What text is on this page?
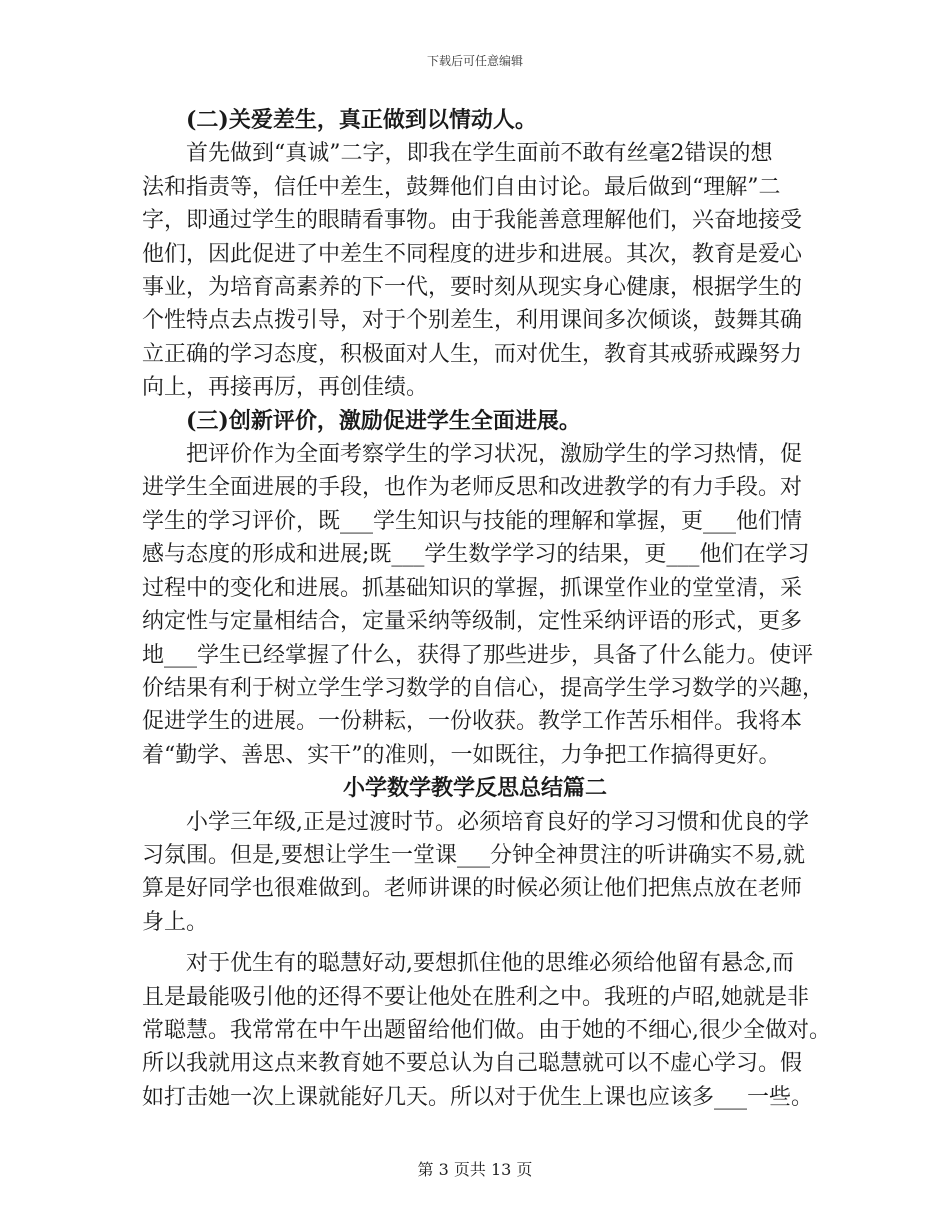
下载后可任意编辑
(二)关爱差生，真正做到以情动人。
首先做到“真诚”二字，即我在学生面前不敢有丝毫2错误的想
法和指责等，信任中差生，鼓舞他们自由讨论。最后做到“理解”二
字，即通过学生的眼睛看事物。由于我能善意理解他们，兴奋地接受
他们，因此促进了中差生不同程度的进步和进展。其次，教育是爱心
事业，为培育高素养的下一代，要时刻从现实身心健康，根据学生的
个性特点去点拨引导，对于个别差生，利用课间多次倾谈，鼓舞其确
立正确的学习态度，积极面对人生，而对优生，教育其戒骄戒躁努力
向上，再接再厉，再创佳绩。
(三)创新评价，激励促进学生全面进展。
把评价作为全面考察学生的学习状况，激励学生的学习热情，促
进学生全面进展的手段，也作为老师反思和改进教学的有力手段。对
学生的学习评价，既___学生知识与技能的理解和掌握，更___他们情
感与态度的形成和进展;既___学生数学学习的结果，更___他们在学习
过程中的变化和进展。抓基础知识的掌握，抓课堂作业的堂堂清，采
纳定性与定量相结合，定量采纳等级制，定性采纳评语的形式，更多
地___学生已经掌握了什么，获得了那些进步，具备了什么能力。使评
价结果有利于树立学生学习数学的自信心，提高学生学习数学的兴趣，
促进学生的进展。一份耕耘，一份收获。教学工作苦乐相伴。我将本
着“勤学、善思、实干”的准则，一如既往，力争把工作搞得更好。
小学数学教学反思总结篇二
小学三年级,正是过渡时节。必须培育良好的学习习惯和优良的学
习氛围。但是,要想让学生一堂课___分钟全神贯注的听讲确实不易,就
算是好同学也很难做到。老师讲课的时候必须让他们把焦点放在老师
身上。
对于优生有的聪慧好动,要想抓住他的思维必须给他留有悬念,而
且是最能吸引他的还得不要让他处在胜利之中。我班的卢昭,她就是非
常聪慧。我常常在中午出题留给他们做。由于她的不细心,很少全做对。
所以我就用这点来教育她不要总认为自己聪慧就可以不虚心学习。假
如打击她一次上课就能好几天。所以对于优生上课也应该多___一些。
第 3 页共 13 页
